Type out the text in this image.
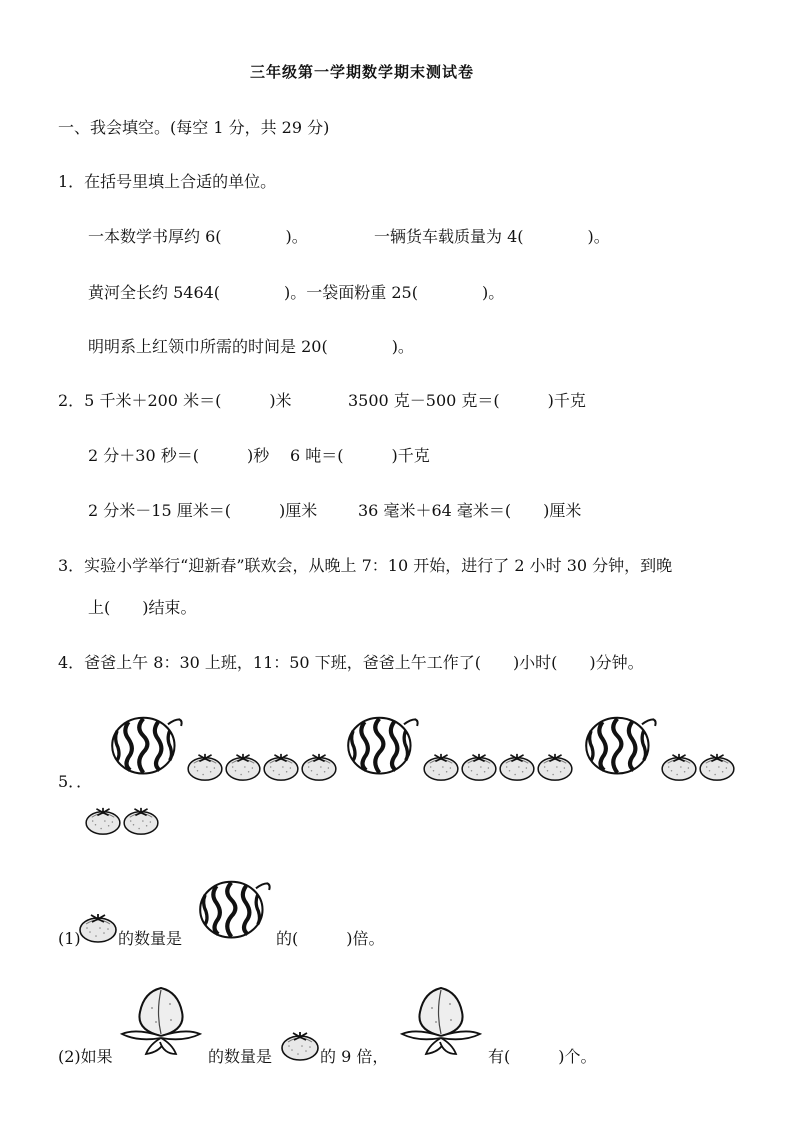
三年级第一学期数学期末测试卷
一、我会填空。(每空 1 分，共 29 分)
1．在括号里填上合适的单位。
一本数学书厚约 6(　　　　)。	一辆货车载质量为 4(　　　　)。
黄河全长约 5464(　　　　)。一袋面粉重 25(　　　　)。
明明系上红领巾所需的时间是 20(　　　　)。
2．5 千米＋200 米＝(　　　)米	3500 克－500 克＝(　　　)千克
2 分＋30 秒＝(　　　)秒 6 吨＝(　　　)千克
2 分米－15 厘米＝(　　　)厘米	36 毫米＋64 毫米＝(　　)厘米
3．实验小学举行“迎新春”联欢会，从晚上 7：10 开始，进行了 2 小时 30 分钟，到晚
上(　　)结束。
4．爸爸上午 8：30 上班，11：50 下班，爸爸上午工作了(　　)小时(　　)分钟。
5．．
(1) 的数量是	的(　　　)倍。
(2)如果	的数量是	的 9 倍，	有(　　　)个。
